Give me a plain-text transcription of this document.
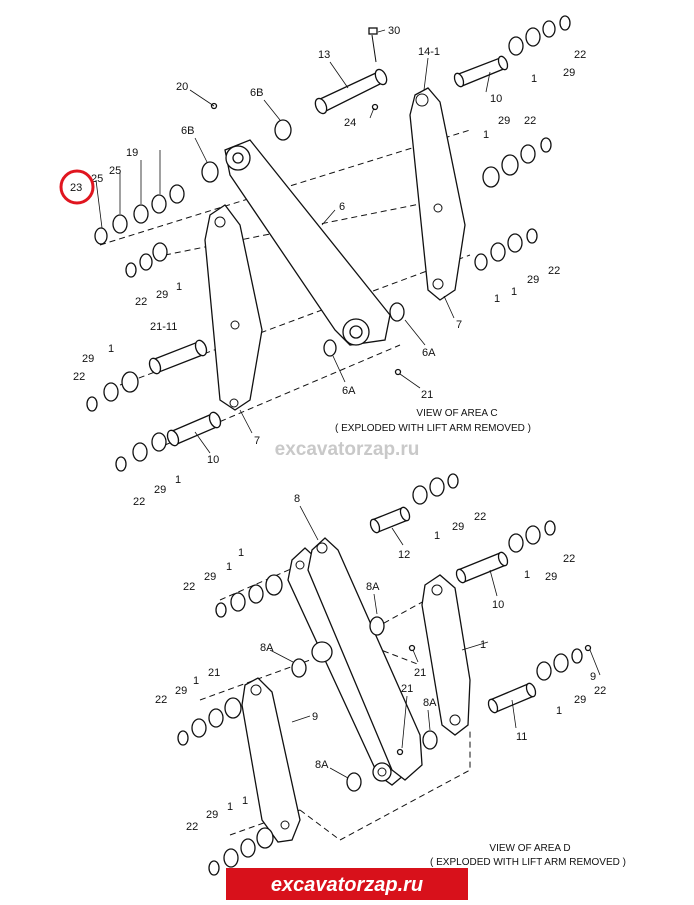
30
13
20	6B
6B
14-1
24
22
29
1
10
22
29
1
25
19
25
23
6
22
29
1
22
29
1
1
21-11
29
1
22
7
6A
6A	21
7
10
22
29
1
VIEW OF AREA C
( EXPLODED WITH LIFT ARM REMOVED )
excavatorzap.ru
8
22
29
1
12
22
29
1
1	22
29
1
10
8A
21
8A
21	22
29
1
1
9
22
29
1	9
8A
11
21
8A
22
29
1 1
VIEW OF AREA D
( EXPLODED WITH LIFT ARM REMOVED )
excavatorzap.ru
